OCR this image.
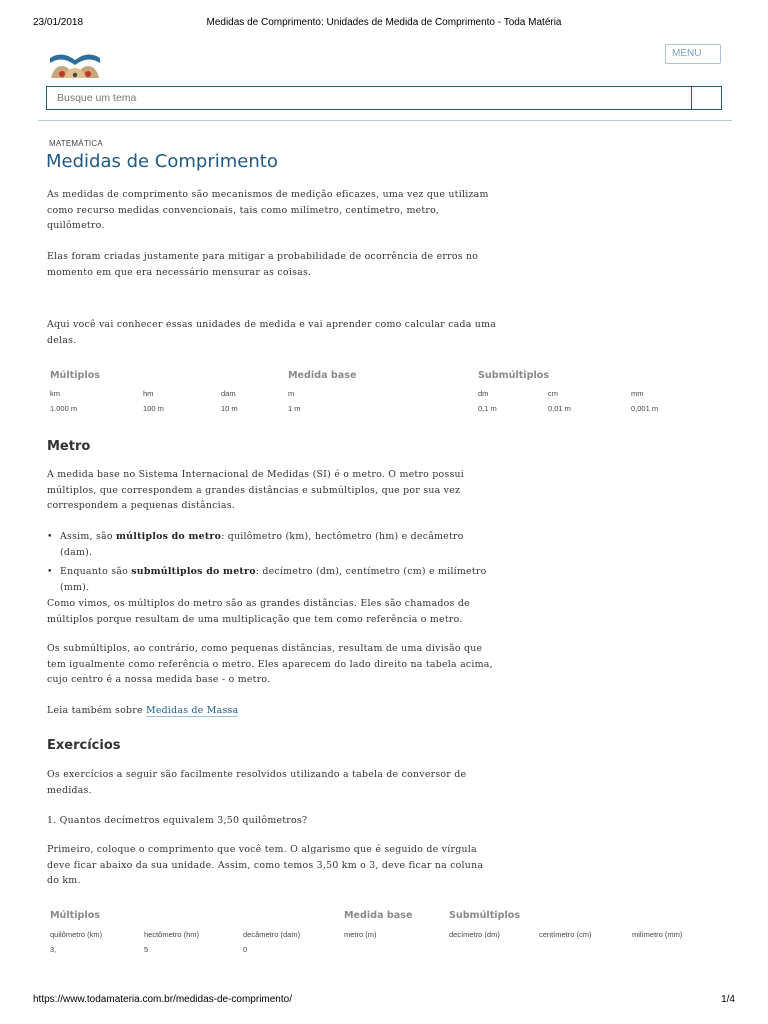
23/01/2018	Medidas de Comprimento: Unidades de Medida de Comprimento - Toda Matéria
MENU
Busque um tema
MATEMÁTICA
Medidas de Comprimento

As medidas de comprimento são mecanismos de medição eficazes, uma vez que utilizam como recurso medidas convencionais, tais como milímetro, centímetro, metro, quilômetro.

Elas foram criadas justamente para mitigar a probabilidade de ocorrência de erros no momento em que era necessário mensurar as coisas.

Aqui você vai conhecer essas unidades de medida e vai aprender como calcular cada uma delas.

Múltiplos	Medida base	Submúltiplos
km	hm	dam	m	dm	cm	mm
1.000 m	100 m	10 m	1 m	0,1 m	0,01 m	0,001 m
Metro

A medida base no Sistema Internacional de Medidas (SI) é o metro. O metro possui múltiplos, que correspondem a grandes distâncias e submúltiplos, que por sua vez correspondem a pequenas distâncias.

• Assim, são múltiplos do metro: quilômetro (km), hectômetro (hm) e decâmetro (dam).
• Enquanto são submúltiplos do metro: decímetro (dm), centímetro (cm) e milímetro (mm).

Como vimos, os múltiplos do metro são as grandes distâncias. Eles são chamados de múltiplos porque resultam de uma multiplicação que tem como referência o metro.

Os submúltiplos, ao contrário, como pequenas distâncias, resultam de uma divisão que tem igualmente como referência o metro. Eles aparecem do lado direito na tabela acima, cujo centro é a nossa medida base - o metro.

Leia também sobre Medidas de Massa

Exercícios

Os exercícios a seguir são facilmente resolvidos utilizando a tabela de conversor de medidas.

1. Quantos decímetros equivalem 3,50 quilômetros?

Primeiro, coloque o comprimento que você tem. O algarismo que é seguido de vírgula deve ficar abaixo da sua unidade. Assim, como temos 3,50 km o 3, deve ficar na coluna do km.

Múltiplos	Medida base	Submúltiplos
quilômetro (km)	hectômetro (hm)	decâmetro (dam)	metro (m)	decímetro (dm)	centímetro (cm)	milímetro (mm)
3,	5	0
https://www.todamateria.com.br/medidas-de-comprimento/	1/4
